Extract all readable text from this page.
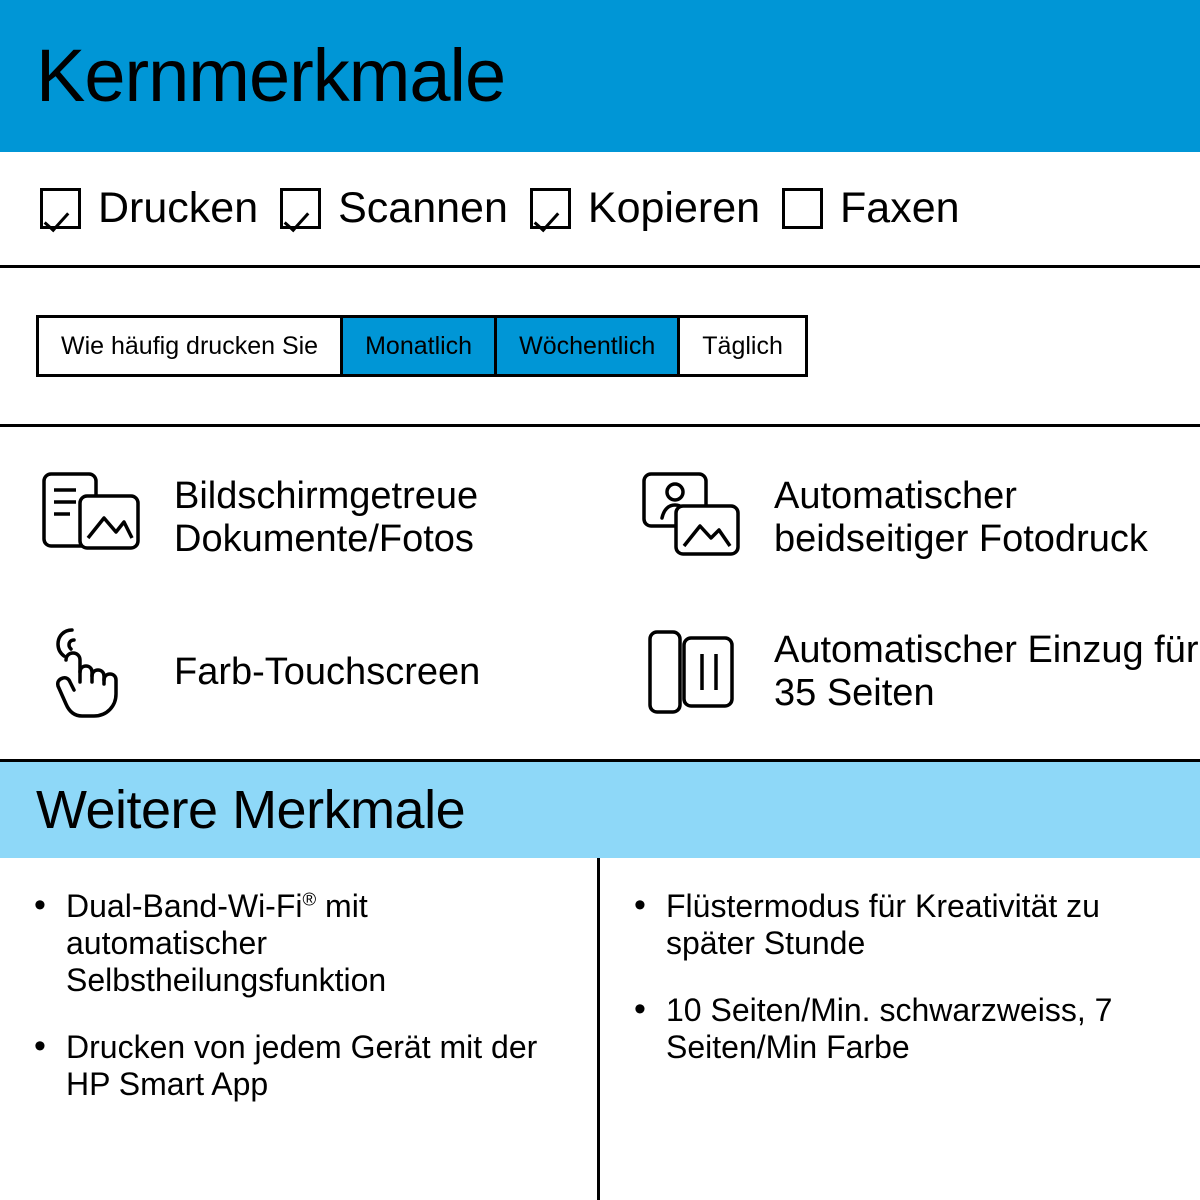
Kernmerkmale
Drucken Scannen Kopieren Faxen
Wie häufig drucken Sie	Monatlich	Wöchentlich	Täglich
Bildschirmgetreue Dokumente/Fotos
Automatischer beidseitiger Fotodruck
Farb-Touchscreen
Automatischer Einzug für 35 Seiten
Weitere Merkmale
• Dual-Band-Wi-Fi® mit automatischer Selbstheilungsfunktion
• Drucken von jedem Gerät mit der HP Smart App
• Flüstermodus für Kreativität zu später Stunde
• 10 Seiten/Min. schwarzweiss, 7 Seiten/Min Farbe
